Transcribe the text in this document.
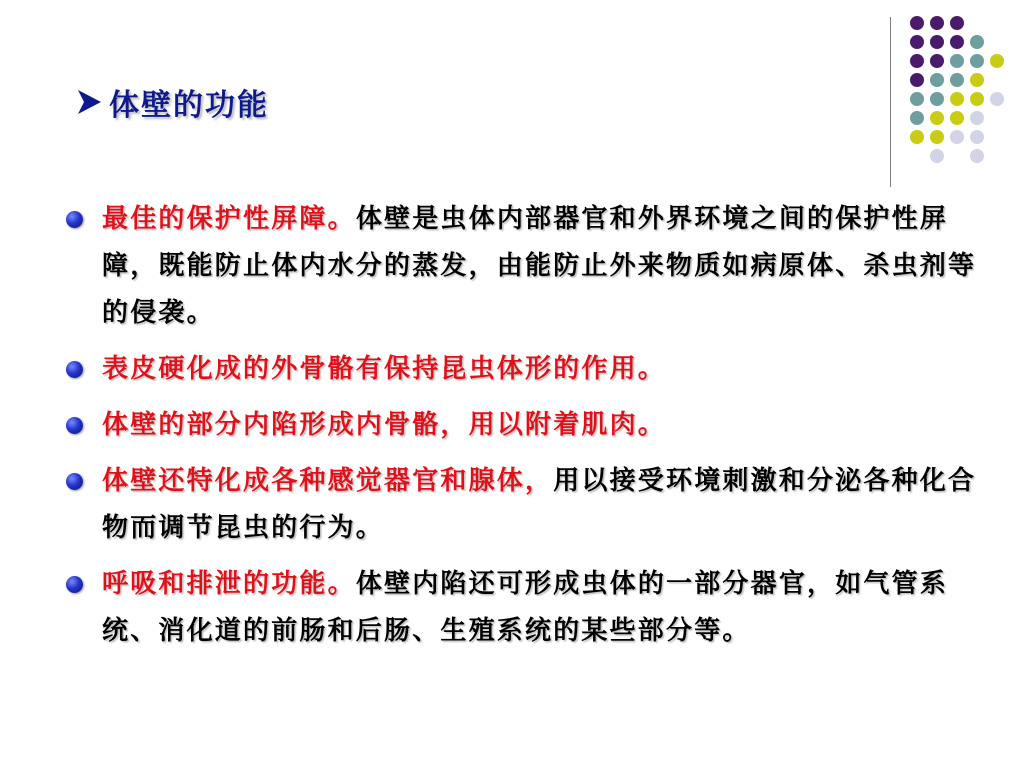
体壁的功能
最佳的保护性屏障。体壁是虫体内部器官和外界环境之间的保护性屏障，既能防止体内水分的蒸发，由能防止外来物质如病原体、杀虫剂等的侵袭。
表皮硬化成的外骨骼有保持昆虫体形的作用。
体壁的部分内陷形成内骨骼，用以附着肌肉。
体壁还特化成各种感觉器官和腺体，用以接受环境刺激和分泌各种化合物而调节昆虫的行为。
呼吸和排泄的功能。体壁内陷还可形成虫体的一部分器官，如气管系统、消化道的前肠和后肠、生殖系统的某些部分等。
